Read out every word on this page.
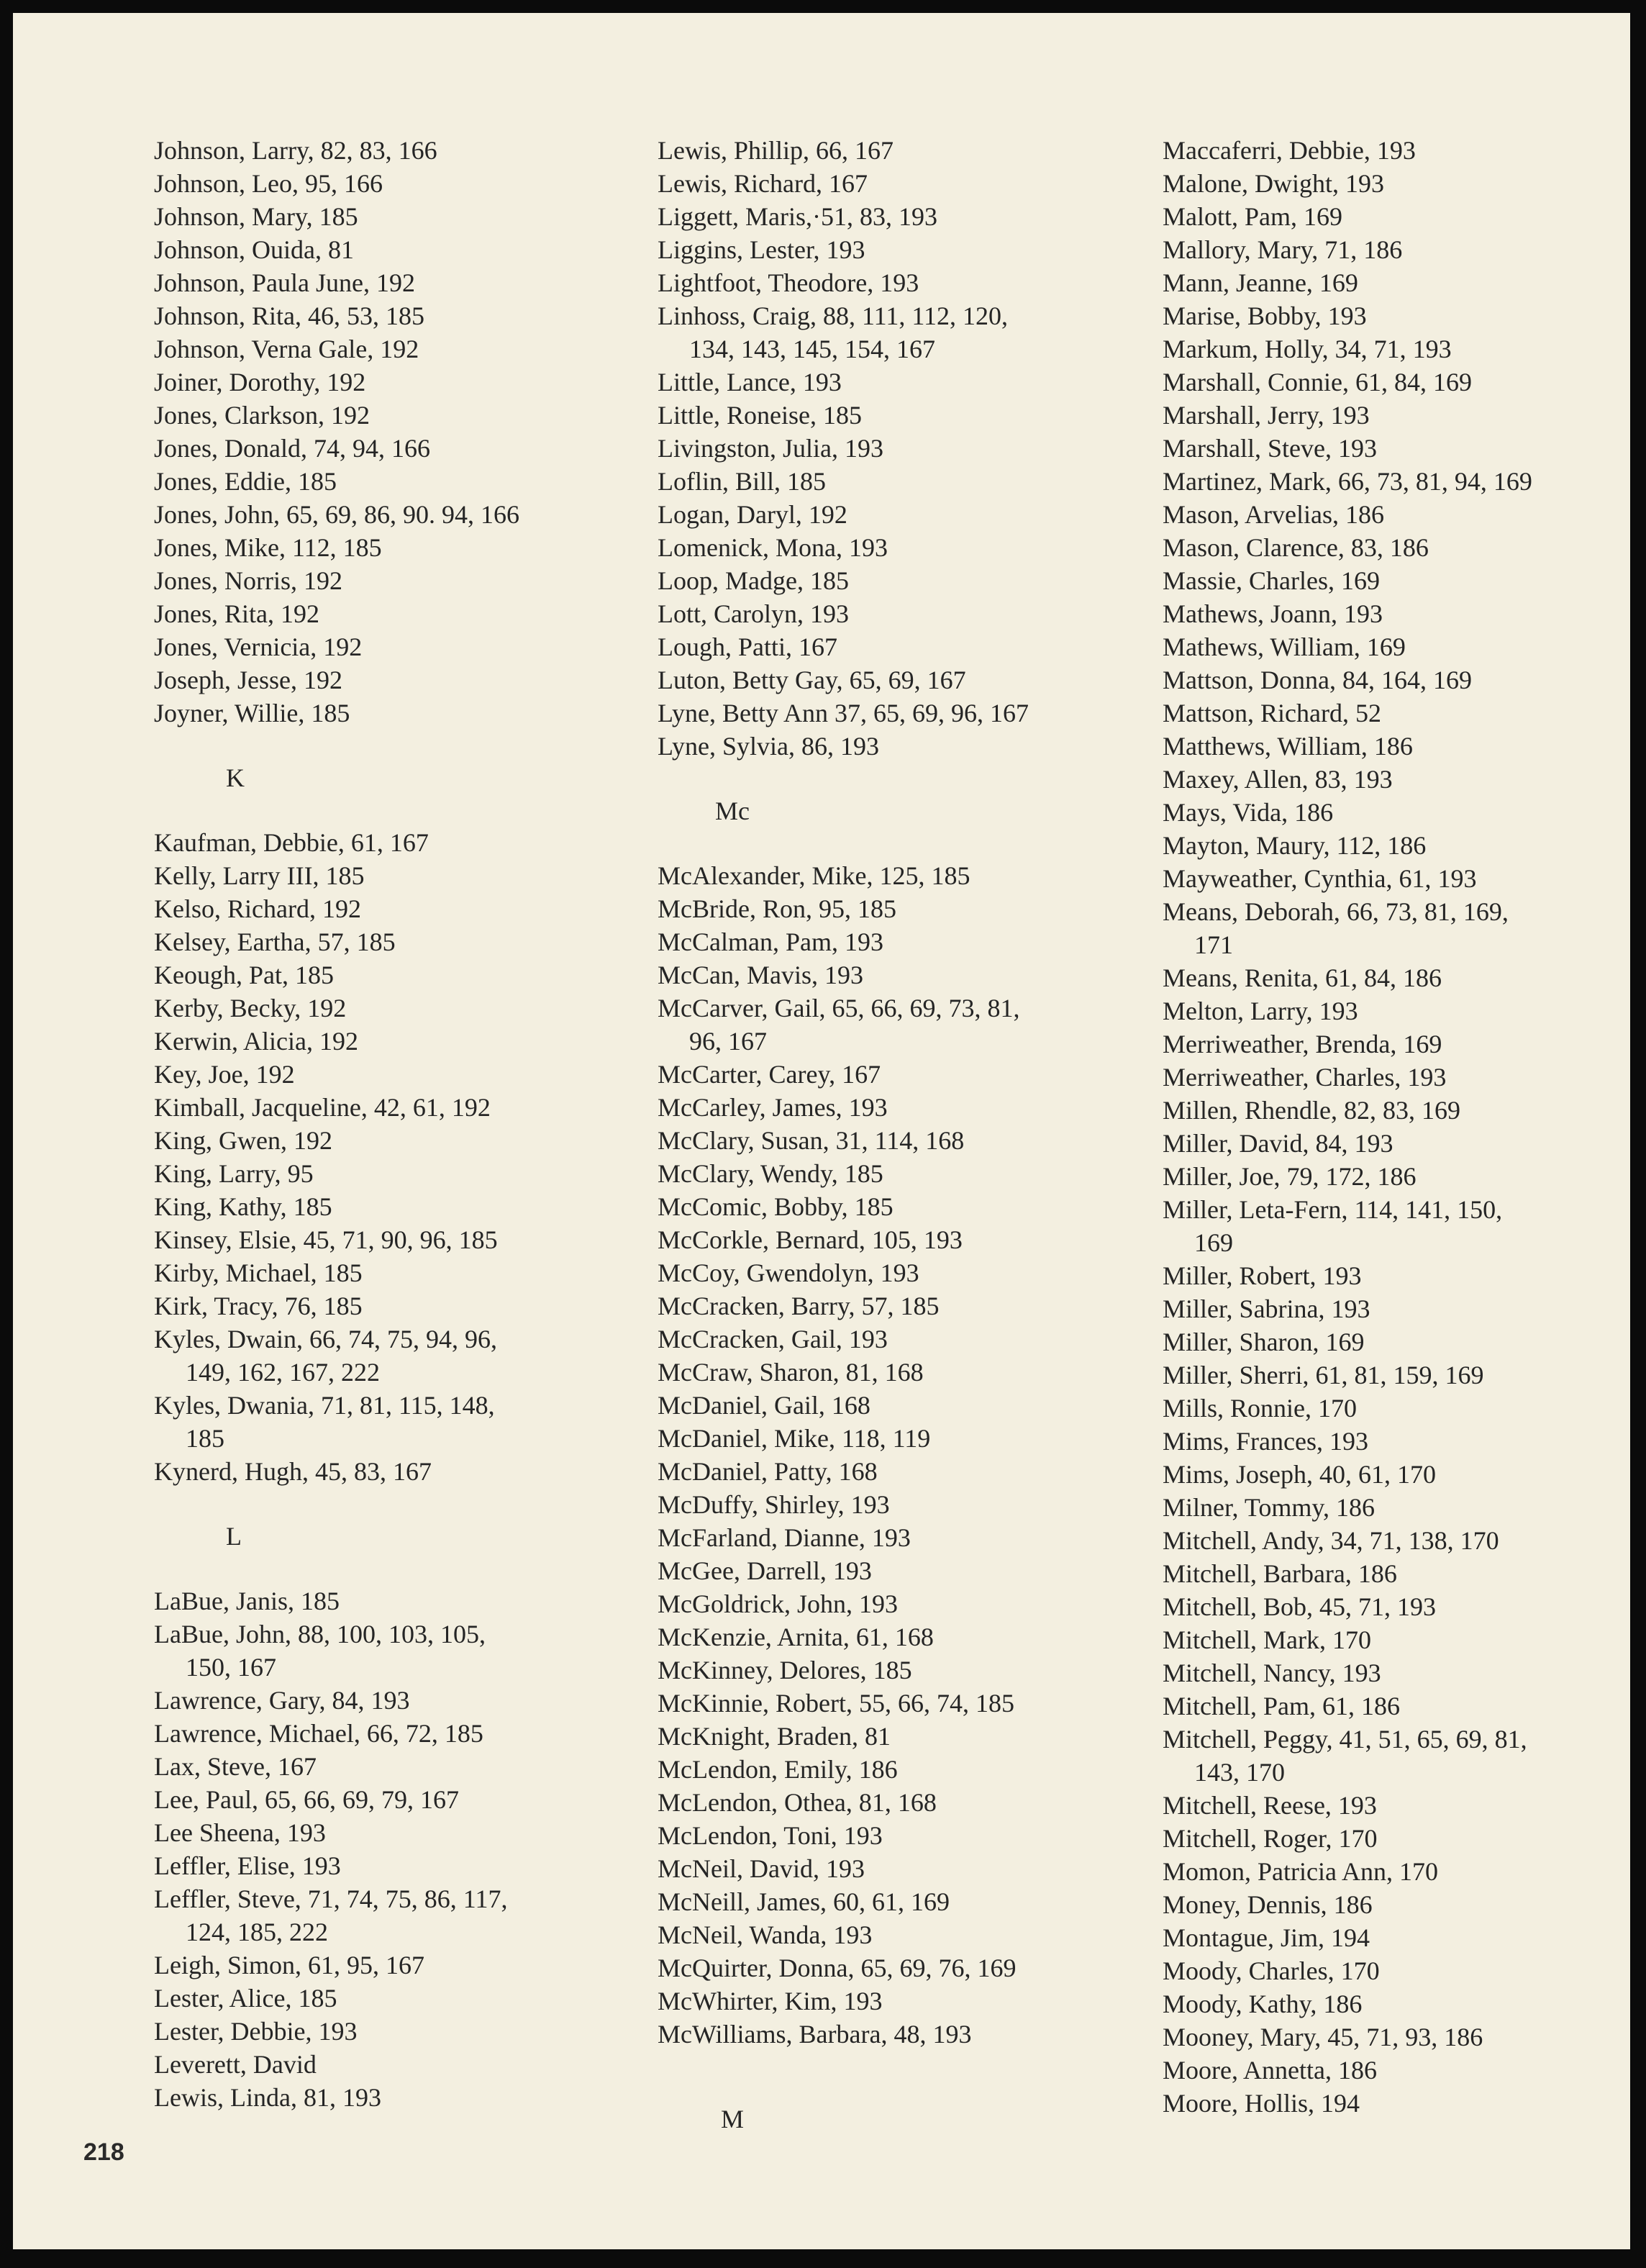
Johnson, Larry, 82, 83, 166
Johnson, Leo, 95, 166
Johnson, Mary, 185
Johnson, Ouida, 81
Johnson, Paula June, 192
Johnson, Rita, 46, 53, 185
Johnson, Verna Gale, 192
Joiner, Dorothy, 192
Jones, Clarkson, 192
Jones, Donald, 74, 94, 166
Jones, Eddie, 185
Jones, John, 65, 69, 86, 90. 94, 166
Jones, Mike, 112, 185
Jones, Norris, 192
Jones, Rita, 192
Jones, Vernicia, 192
Joseph, Jesse, 192
Joyner, Willie, 185
K
Kaufman, Debbie, 61, 167
Kelly, Larry III, 185
Kelso, Richard, 192
Kelsey, Eartha, 57, 185
Keough, Pat, 185
Kerby, Becky, 192
Kerwin, Alicia, 192
Key, Joe, 192
Kimball, Jacqueline, 42, 61, 192
King, Gwen, 192
King, Larry, 95
King, Kathy, 185
Kinsey, Elsie, 45, 71, 90, 96, 185
Kirby, Michael, 185
Kirk, Tracy, 76, 185
Kyles, Dwain, 66, 74, 75, 94, 96,
149, 162, 167, 222
Kyles, Dwania, 71, 81, 115, 148,
185
Kynerd, Hugh, 45, 83, 167
L
LaBue, Janis, 185
LaBue, John, 88, 100, 103, 105,
150, 167
Lawrence, Gary, 84, 193
Lawrence, Michael, 66, 72, 185
Lax, Steve, 167
Lee, Paul, 65, 66, 69, 79, 167
Lee Sheena, 193
Leffler, Elise, 193
Leffler, Steve, 71, 74, 75, 86, 117,
124, 185, 222
Leigh, Simon, 61, 95, 167
Lester, Alice, 185
Lester, Debbie, 193
Leverett, David
Lewis, Linda, 81, 193
Lewis, Phillip, 66, 167
Lewis, Richard, 167
Liggett, Maris,·51, 83, 193
Liggins, Lester, 193
Lightfoot, Theodore, 193
Linhoss, Craig, 88, 111, 112, 120,
134, 143, 145, 154, 167
Little, Lance, 193
Little, Roneise, 185
Livingston, Julia, 193
Loflin, Bill, 185
Logan, Daryl, 192
Lomenick, Mona, 193
Loop, Madge, 185
Lott, Carolyn, 193
Lough, Patti, 167
Luton, Betty Gay, 65, 69, 167
Lyne, Betty Ann 37, 65, 69, 96, 167
Lyne, Sylvia, 86, 193
Mc
McAlexander, Mike, 125, 185
McBride, Ron, 95, 185
McCalman, Pam, 193
McCan, Mavis, 193
McCarver, Gail, 65, 66, 69, 73, 81,
96, 167
McCarter, Carey, 167
McCarley, James, 193
McClary, Susan, 31, 114, 168
McClary, Wendy, 185
McComic, Bobby, 185
McCorkle, Bernard, 105, 193
McCoy, Gwendolyn, 193
McCracken, Barry, 57, 185
McCracken, Gail, 193
McCraw, Sharon, 81, 168
McDaniel, Gail, 168
McDaniel, Mike, 118, 119
McDaniel, Patty, 168
McDuffy, Shirley, 193
McFarland, Dianne, 193
McGee, Darrell, 193
McGoldrick, John, 193
McKenzie, Arnita, 61, 168
McKinney, Delores, 185
McKinnie, Robert, 55, 66, 74, 185
McKnight, Braden, 81
McLendon, Emily, 186
McLendon, Othea, 81, 168
McLendon, Toni, 193
McNeil, David, 193
McNeill, James, 60, 61, 169
McNeil, Wanda, 193
McQuirter, Donna, 65, 69, 76, 169
McWhirter, Kim, 193
McWilliams, Barbara, 48, 193
M
Maccaferri, Debbie, 193
Malone, Dwight, 193
Malott, Pam, 169
Mallory, Mary, 71, 186
Mann, Jeanne, 169
Marise, Bobby, 193
Markum, Holly, 34, 71, 193
Marshall, Connie, 61, 84, 169
Marshall, Jerry, 193
Marshall, Steve, 193
Martinez, Mark, 66, 73, 81, 94, 169
Mason, Arvelias, 186
Mason, Clarence, 83, 186
Massie, Charles, 169
Mathews, Joann, 193
Mathews, William, 169
Mattson, Donna, 84, 164, 169
Mattson, Richard, 52
Matthews, William, 186
Maxey, Allen, 83, 193
Mays, Vida, 186
Mayton, Maury, 112, 186
Mayweather, Cynthia, 61, 193
Means, Deborah, 66, 73, 81, 169,
171
Means, Renita, 61, 84, 186
Melton, Larry, 193
Merriweather, Brenda, 169
Merriweather, Charles, 193
Millen, Rhendle, 82, 83, 169
Miller, David, 84, 193
Miller, Joe, 79, 172, 186
Miller, Leta-Fern, 114, 141, 150,
169
Miller, Robert, 193
Miller, Sabrina, 193
Miller, Sharon, 169
Miller, Sherri, 61, 81, 159, 169
Mills, Ronnie, 170
Mims, Frances, 193
Mims, Joseph, 40, 61, 170
Milner, Tommy, 186
Mitchell, Andy, 34, 71, 138, 170
Mitchell, Barbara, 186
Mitchell, Bob, 45, 71, 193
Mitchell, Mark, 170
Mitchell, Nancy, 193
Mitchell, Pam, 61, 186
Mitchell, Peggy, 41, 51, 65, 69, 81,
143, 170
Mitchell, Reese, 193
Mitchell, Roger, 170
Momon, Patricia Ann, 170
Money, Dennis, 186
Montague, Jim, 194
Moody, Charles, 170
Moody, Kathy, 186
Mooney, Mary, 45, 71, 93, 186
Moore, Annetta, 186
Moore, Hollis, 194
218
